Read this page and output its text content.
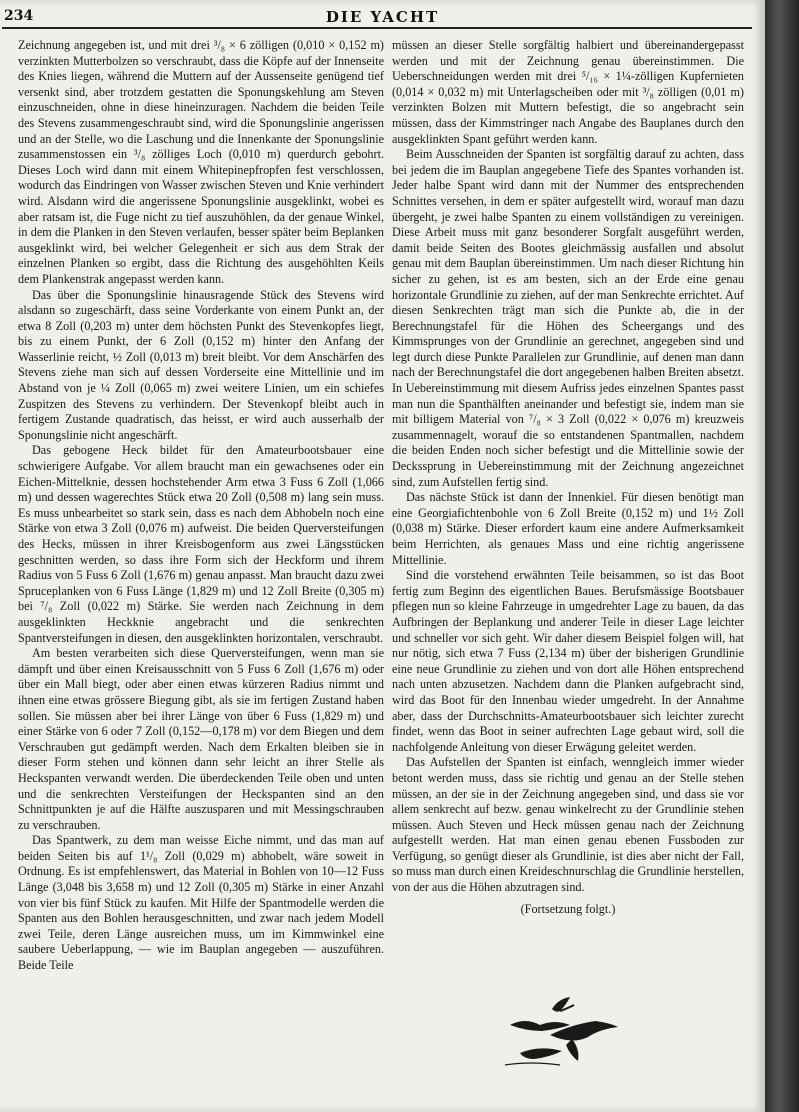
234	DIE YACHT

Zeichnung angegeben ist, und mit drei ³/₈ × 6 zölligen (0,010 × 0,152 m) verzinkten Mutterbolzen so verschraubt, dass die Köpfe auf der Innenseite des Knies liegen, während die Muttern auf der Aussenseite genügend tief versenkt sind, aber trotzdem gestatten die Sponungskehlung am Steven einzuschneiden, ohne in diese hineinzuragen. Nachdem die beiden Teile des Stevens zusammengeschraubt sind, wird die Sponungslinie angerissen und an der Stelle, wo die Laschung und die Innenkante der Sponungslinie zusammenstossen ein ³/₈ zölliges Loch (0,010 m) querdurch gebohrt. Dieses Loch wird dann mit einem Whitepinepfropfen fest verschlossen, wodurch das Eindringen von Wasser zwischen Steven und Knie verhindert wird. Alsdann wird die angerissene Sponungslinie ausgeklinkt, wobei es aber ratsam ist, die Fuge nicht zu tief auszuhöhlen, da der genaue Winkel, in dem die Planken in den Steven verlaufen, besser später beim Beplanken ausgeklinkt wird, bei welcher Gelegenheit er sich aus dem Strak der einzelnen Planken so ergibt, dass die Richtung des ausgehöhlten Keils dem Plankenstrak angepasst werden kann.

Das über die Sponungslinie hinausragende Stück des Stevens wird alsdann so zugeschärft, dass seine Vorderkante von einem Punkt an, der etwa 8 Zoll (0,203 m) unter dem höchsten Punkt des Stevenkopfes liegt, bis zu einem Punkt, der 6 Zoll (0,152 m) hinter den Anfang der Wasserlinie reicht, ½ Zoll (0,013 m) breit bleibt. Vor dem Anschärfen des Stevens ziehe man sich auf dessen Vorderseite eine Mittellinie und im Abstand von je ¼ Zoll (0,065 m) zwei weitere Linien, um ein schiefes Zuspitzen des Stevens zu verhindern. Der Stevenkopf bleibt auch in fertigem Zustande quadratisch, das heisst, er wird auch ausserhalb der Sponungslinie nicht angeschärft.

Das gebogene Heck bildet für den Amateurbootsbauer eine schwierigere Aufgabe. Vor allem braucht man ein gewachsenes oder ein Eichen-Mittelknie, dessen hochstehender Arm etwa 3 Fuss 6 Zoll (1,066 m) und dessen wagerechtes Stück etwa 20 Zoll (0,508 m) lang sein muss. Es muss unbearbeitet so stark sein, dass es nach dem Abhobeln noch eine Stärke von etwa 3 Zoll (0,076 m) aufweist. Die beiden Querversteifungen des Hecks, müssen in ihrer Kreisbogenform aus zwei Längsstücken geschnitten werden, so dass ihre Form sich der Heckform und ihrem Radius von 5 Fuss 6 Zoll (1,676 m) genau anpasst. Man braucht dazu zwei Spruceplanken von 6 Fuss Länge (1,829 m) und 12 Zoll Breite (0,305 m) bei ⁷/₈ Zoll (0,022 m) Stärke. Sie werden nach Zeichnung in dem ausgeklinkten Heckknie angebracht und die senkrechten Spantversteifungen in diesen, den ausgeklinkten horizontalen, verschraubt.

Am besten verarbeiten sich diese Querversteifungen, wenn man sie dämpft und über einen Kreisausschnitt von 5 Fuss 6 Zoll (1,676 m) oder über ein Mall biegt, oder aber einen etwas kürzeren Radius nimmt und ihnen eine etwas grössere Biegung gibt, als sie im fertigen Zustand haben sollen. Sie müssen aber bei ihrer Länge von über 6 Fuss (1,829 m) und einer Stärke von 6 oder 7 Zoll (0,152—0,178 m) vor dem Biegen und dem Verschrauben gut gedämpft werden. Nach dem Erkalten bleiben sie in dieser Form stehen und können dann sehr leicht an ihrer Stelle als Heckspanten verwandt werden. Die überdeckenden Teile oben und unten und die senkrechten Versteifungen der Heckspanten sind an den Schnittpunkten je auf die Hälfte auszusparen und mit Messingschrauben zu verschrauben.

Das Spantwerk, zu dem man weisse Eiche nimmt, und das man auf beiden Seiten bis auf 1¹/₈ Zoll (0,029 m) abhobelt, wäre soweit in Ordnung. Es ist empfehlenswert, das Material in Bohlen von 10—12 Fuss Länge (3,048 bis 3,658 m) und 12 Zoll (0,305 m) Stärke in einer Anzahl von vier bis fünf Stück zu kaufen. Mit Hilfe der Spantmodelle werden die Spanten aus den Bohlen herausgeschnitten, und zwar nach jedem Modell zwei Teile, deren Länge ausreichen muss, um im Kimmwinkel eine saubere Ueberlappung, — wie im Bauplan angegeben — auszuführen. Beide Teile

müssen an dieser Stelle sorgfältig halbiert und übereinandergepasst werden und mit der Zeichnung genau übereinstimmen. Die Ueberschneidungen werden mit drei ⁵/₁₆ × 1¼-zölligen Kupfernieten (0,014 × 0,032 m) mit Unterlagscheiben oder mit ³/₈ zölligen (0,01 m) verzinkten Bolzen mit Muttern befestigt, die so angebracht sein müssen, dass der Kimmstringer nach Angabe des Bauplanes durch den ausgeklinkten Spant geführt werden kann.

Beim Ausschneiden der Spanten ist sorgfältig darauf zu achten, dass bei jedem die im Bauplan angegebene Tiefe des Spantes vorhanden ist. Jeder halbe Spant wird dann mit der Nummer des entsprechenden Schnittes versehen, in dem er später aufgestellt wird, worauf man dazu übergeht, je zwei halbe Spanten zu einem vollständigen zu vereinigen. Diese Arbeit muss mit ganz besonderer Sorgfalt ausgeführt werden, damit beide Seiten des Bootes gleichmässig ausfallen und absolut genau mit dem Bauplan übereinstimmen. Um nach dieser Richtung hin sicher zu gehen, ist es am besten, sich an der Erde eine genau horizontale Grundlinie zu ziehen, auf der man Senkrechte errichtet. Auf diesen Senkrechten trägt man sich die Punkte ab, die in der Berechnungstafel für die Höhen des Scheergangs und des Kimmsprunges von der Grundlinie an gerechnet, angegeben sind und legt durch diese Punkte Parallelen zur Grundlinie, auf denen man dann nach der Berechnungstafel die dort angegebenen halben Breiten absetzt. In Uebereinstimmung mit diesem Aufriss jedes einzelnen Spantes passt man nun die Spanthälften aneinander und befestigt sie, indem man sie mit billigem Material von ⁷/₈ × 3 Zoll (0,022 × 0,076 m) kreuzweis zusammennagelt, worauf die so entstandenen Spantmallen, nachdem die beiden Enden noch sicher befestigt und die Mittellinie sowie der Deckssprung in Uebereinstimmung mit der Zeichnung angezeichnet sind, zum Aufstellen fertig sind.

Das nächste Stück ist dann der Innenkiel. Für diesen benötigt man eine Georgiafichtenbohle von 6 Zoll Breite (0,152 m) und 1½ Zoll (0,038 m) Stärke. Dieser erfordert kaum eine andere Aufmerksamkeit beim Herrichten, als genaues Mass und eine richtig angerissene Mittellinie.

Sind die vorstehend erwähnten Teile beisammen, so ist das Boot fertig zum Beginn des eigentlichen Baues. Berufsmässige Bootsbauer pflegen nun so kleine Fahrzeuge in umgedrehter Lage zu bauen, da das Aufbringen der Beplankung und anderer Teile in dieser Lage leichter und schneller vor sich geht. Wir daher diesem Beispiel folgen will, hat nur nötig, sich etwa 7 Fuss (2,134 m) über der bisherigen Grundlinie eine neue Grundlinie zu ziehen und von dort alle Höhen entsprechend nach unten abzusetzen. Nachdem dann die Planken aufgebracht sind, wird das Boot für den Innenbau wieder umgedreht. In der Annahme aber, dass der Durchschnitts-Amateurbootsbauer sich leichter zurecht findet, wenn das Boot in seiner aufrechten Lage gebaut wird, soll die nachfolgende Anleitung von dieser Erwägung geleitet werden.

Das Aufstellen der Spanten ist einfach, wenngleich immer wieder betont werden muss, dass sie richtig und genau an der Stelle stehen müssen, an der sie in der Zeichnung angegeben sind, und dass sie vor allem senkrecht auf bezw. genau winkelrecht zu der Grundlinie stehen müssen. Auch Steven und Heck müssen genau nach der Zeichnung aufgestellt werden. Hat man einen genau ebenen Fussboden zur Verfügung, so genügt dieser als Grundlinie, ist dies aber nicht der Fall, so muss man durch einen Kreideschnurschlag die Grundlinie herstellen, von der aus die Höhen abzutragen sind.

(Fortsetzung folgt.)
